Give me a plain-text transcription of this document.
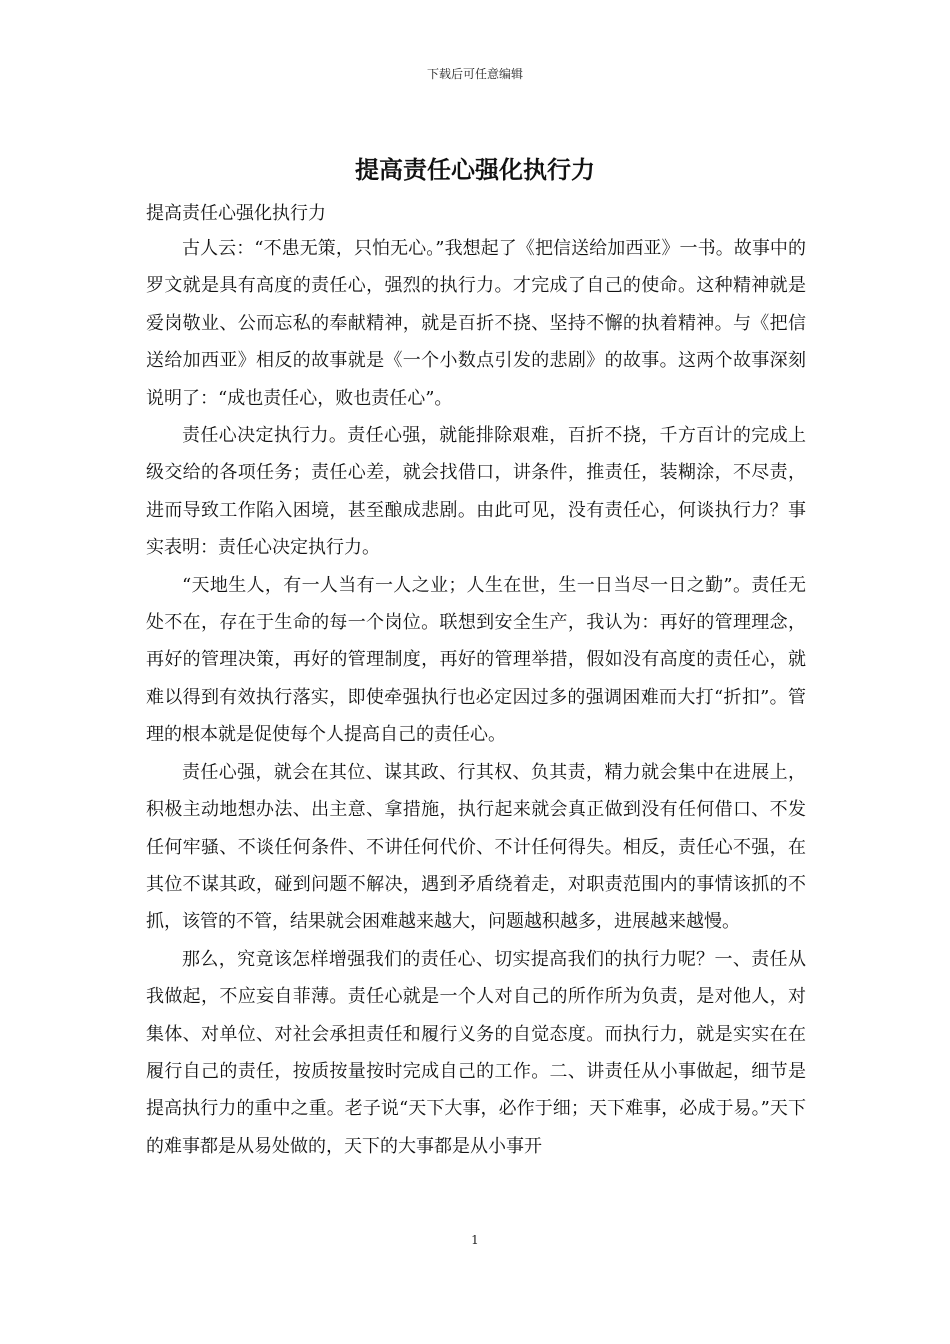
下载后可任意编辑
提高责任心强化执行力

提高责任心强化执行力

古人云：“不患无策，只怕无心。”我想起了《把信送给加西亚》一书。故事中的罗文就是具有高度的责任心，强烈的执行力。才完成了自己的使命。这种精神就是爱岗敬业、公而忘私的奉献精神，就是百折不挠、坚持不懈的执着精神。与《把信送给加西亚》相反的故事就是《一个小数点引发的悲剧》的故事。这两个故事深刻说明了：“成也责任心，败也责任心”。

责任心决定执行力。责任心强，就能排除艰难，百折不挠，千方百计的完成上级交给的各项任务；责任心差，就会找借口，讲条件，推责任，装糊涂，不尽责，进而导致工作陷入困境，甚至酿成悲剧。由此可见，没有责任心，何谈执行力？事实表明：责任心决定执行力。

“天地生人，有一人当有一人之业；人生在世，生一日当尽一日之勤”。责任无处不在，存在于生命的每一个岗位。联想到安全生产，我认为：再好的管理理念，再好的管理决策，再好的管理制度，再好的管理举措，假如没有高度的责任心，就难以得到有效执行落实，即使牵强执行也必定因过多的强调困难而大打“折扣”。管理的根本就是促使每个人提高自己的责任心。

责任心强，就会在其位、谋其政、行其权、负其责，精力就会集中在进展上，积极主动地想办法、出主意、拿措施，执行起来就会真正做到没有任何借口、不发任何牢骚、不谈任何条件、不讲任何代价、不计任何得失。相反，责任心不强，在其位不谋其政，碰到问题不解决，遇到矛盾绕着走，对职责范围内的事情该抓的不抓，该管的不管，结果就会困难越来越大，问题越积越多，进展越来越慢。

那么，究竟该怎样增强我们的责任心、切实提高我们的执行力呢？一、责任从我做起，不应妄自菲薄。责任心就是一个人对自己的所作所为负责，是对他人，对集体、对单位、对社会承担责任和履行义务的自觉态度。而执行力，就是实实在在履行自己的责任，按质按量按时完成自己的工作。二、讲责任从小事做起，细节是提高执行力的重中之重。老子说“天下大事，必作于细；天下难事，必成于易。”天下的难事都是从易处做的，天下的大事都是从小事开

1
